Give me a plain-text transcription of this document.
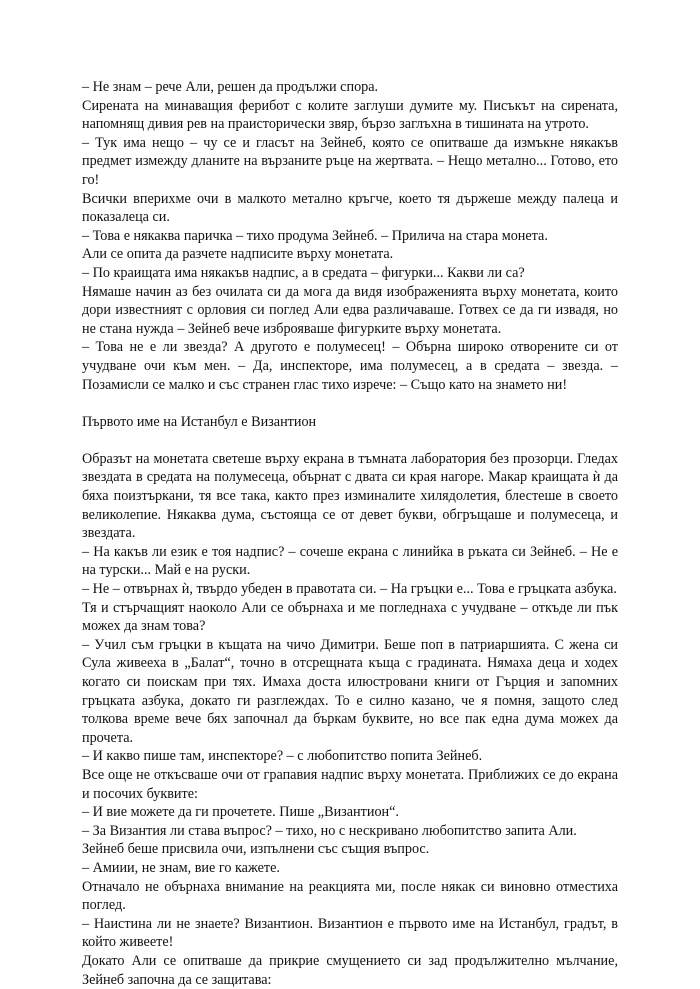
– Не знам – рече Али, решен да продължи спора.

Сирената на минаващия ферибот с колите заглуши думите му. Писъкът на сирената, напомнящ дивия рев на праисторически звяр, бързо заглъхна в тишината на утрото.

– Тук има нещо – чу се и гласът на Зейнеб, която се опитваше да измъкне някакъв предмет измежду дланите на вързаните ръце на жертвата. – Нещо метално... Готово, ето го!

Всички вперихме очи в малкото метално кръгче, което тя държеше между палеца и показалеца си.

– Това е някаква паричка – тихо продума Зейнеб. – Прилича на стара монета.

Али се опита да разчете надписите върху монетата.

– По краищата има някакъв надпис, а в средата – фигурки... Какви ли са?

Нямаше начин аз без очилата си да мога да видя изображенията върху монетата, които дори известният с орловия си поглед Али едва различаваше. Готвех се да ги извадя, но не стана нужда – Зейнеб вече изброяваше фигурките върху монетата.

– Това не е ли звезда? А другото е полумесец! – Обърна широко отворените си от учудване очи към мен. – Да, инспекторе, има полумесец, а в средата – звезда. – Позамисли се малко и със странен глас тихо изрече: – Също като на знамето ни!

Първото име на Истанбул е Византион

Образът на монетата светеше върху екрана в тъмната лаборатория без прозорци. Гледах звездата в средата на полумесеца, обърнат с двата си края нагоре. Макар краищата ѝ да бяха поизтъркани, тя все така, както през изминалите хилядолетия, блестеше в своето великолепие. Някаква дума, състояща се от девет букви, обгръщаше и полумесеца, и звездата.

– На какъв ли език е тоя надпис? – сочеше екрана с линийка в ръката си Зейнеб. – Не е на турски... Май е на руски.

– Не – отвърнах ѝ, твърдо убеден в правотата си. – На гръцки е... Това е гръцката азбука.

Тя и стърчащият наоколо Али се обърнаха и ме погледнаха с учудване – откъде ли пък можех да знам това?

– Учил съм гръцки в къщата на чичо Димитри. Беше поп в патриаршията. С жена си Сула живееха в „Балат“, точно в отсрещната къща с градината. Нямаха деца и ходех когато си поискам при тях. Имаха доста илюстровани книги от Гърция и запомних гръцката азбука, докато ги разглеждах. То е силно казано, че я помня, защото след толкова време вече бях започнал да бъркам буквите, но все пак една дума можех да прочета.

– И какво пише там, инспекторе? – с любопитство попита Зейнеб.

Все още не откъсваше очи от грапавия надпис върху монетата. Приближих се до екрана и посочих буквите:

– И вие можете да ги прочетете. Пише „Византион“.

– За Византия ли става въпрос? – тихо, но с нескривано любопитство запита Али.

Зейнеб беше присвила очи, изпълнени със същия въпрос.

– Амиии, не знам, вие го кажете.

Отначало не обърнаха внимание на реакцията ми, после някак си виновно отместиха поглед.

– Наистина ли не знаете? Византион. Византион е първото име на Истанбул, градът, в който живеете!

Докато Али се опитваше да прикрие смущението си зад продължително мълчание, Зейнеб започна да се защитава:
